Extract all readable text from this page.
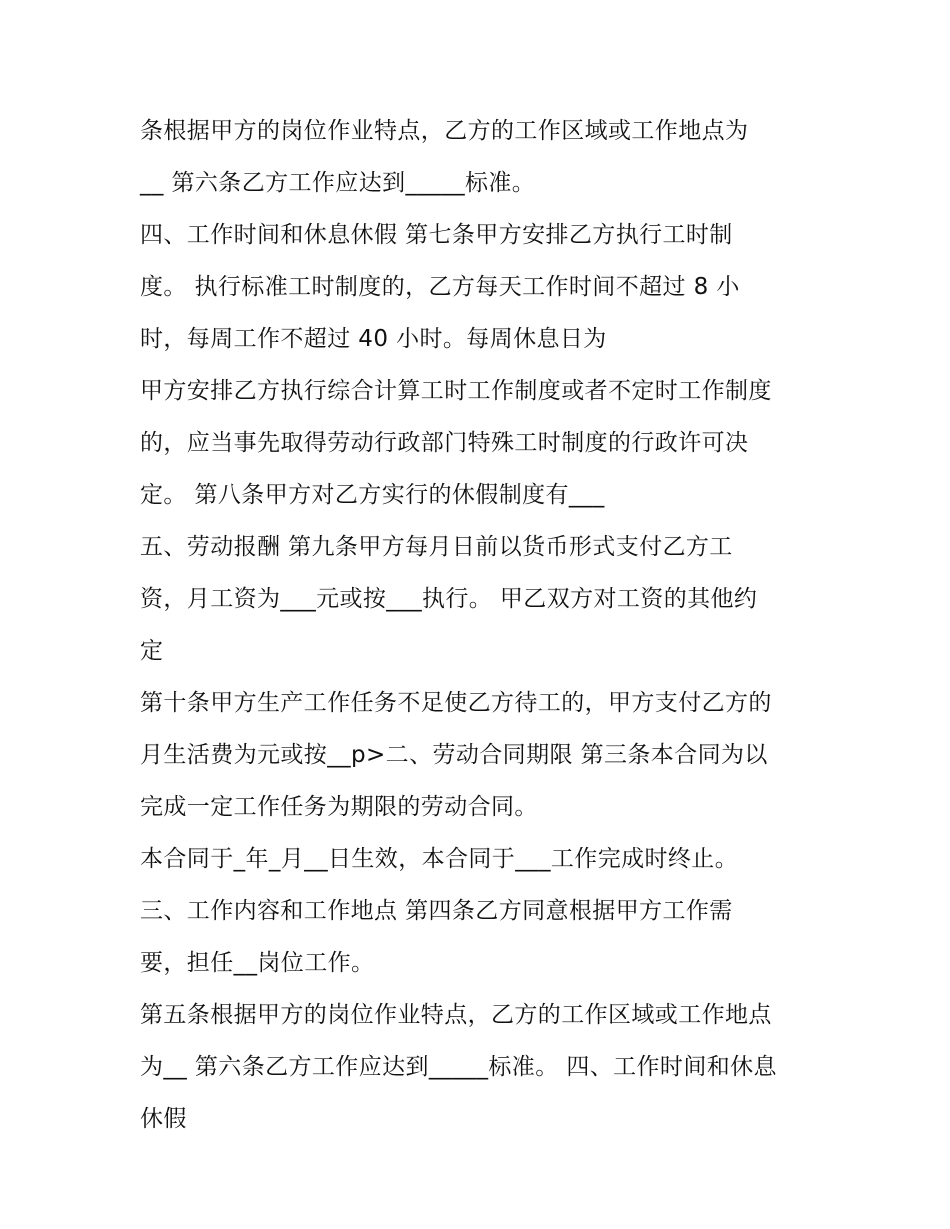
条根据甲方的岗位作业特点，乙方的工作区域或工作地点为
__ 第六条乙方工作应达到_____标准。
四、工作时间和休息休假 第七条甲方安排乙方执行工时制
度。 执行标准工时制度的，乙方每天工作时间不超过 8 小
时，每周工作不超过 40 小时。每周休息日为
甲方安排乙方执行综合计算工时工作制度或者不定时工作制度
的，应当事先取得劳动行政部门特殊工时制度的行政许可决
定。 第八条甲方对乙方实行的休假制度有___
五、劳动报酬 第九条甲方每月日前以货币形式支付乙方工
资，月工资为___元或按___执行。 甲乙双方对工资的其他约
定
第十条甲方生产工作任务不足使乙方待工的，甲方支付乙方的
月生活费为元或按__p>二、劳动合同期限 第三条本合同为以
完成一定工作任务为期限的劳动合同。
本合同于_年_月__日生效，本合同于___工作完成时终止。
三、工作内容和工作地点 第四条乙方同意根据甲方工作需
要，担任__岗位工作。
第五条根据甲方的岗位作业特点，乙方的工作区域或工作地点
为__ 第六条乙方工作应达到_____标准。 四、工作时间和休息
休假
